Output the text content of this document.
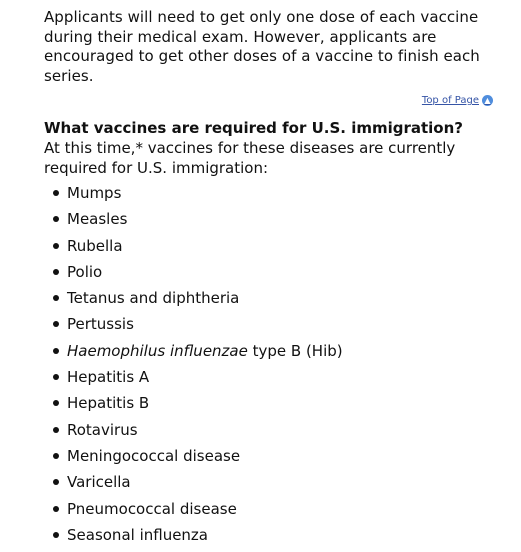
Applicants will need to get only one dose of each vaccine during their medical exam. However, applicants are encouraged to get other doses of a vaccine to finish each series.

Top of Page ▲
What vaccines are required for U.S. immigration?

At this time,* vaccines for these diseases are currently required for U.S. immigration:

Mumps
Measles
Rubella
Polio
Tetanus and diphtheria
Pertussis
Haemophilus influenzae type B (Hib)
Hepatitis A
Hepatitis B
Rotavirus
Meningococcal disease
Varicella
Pneumococcal disease
Seasonal influenza
